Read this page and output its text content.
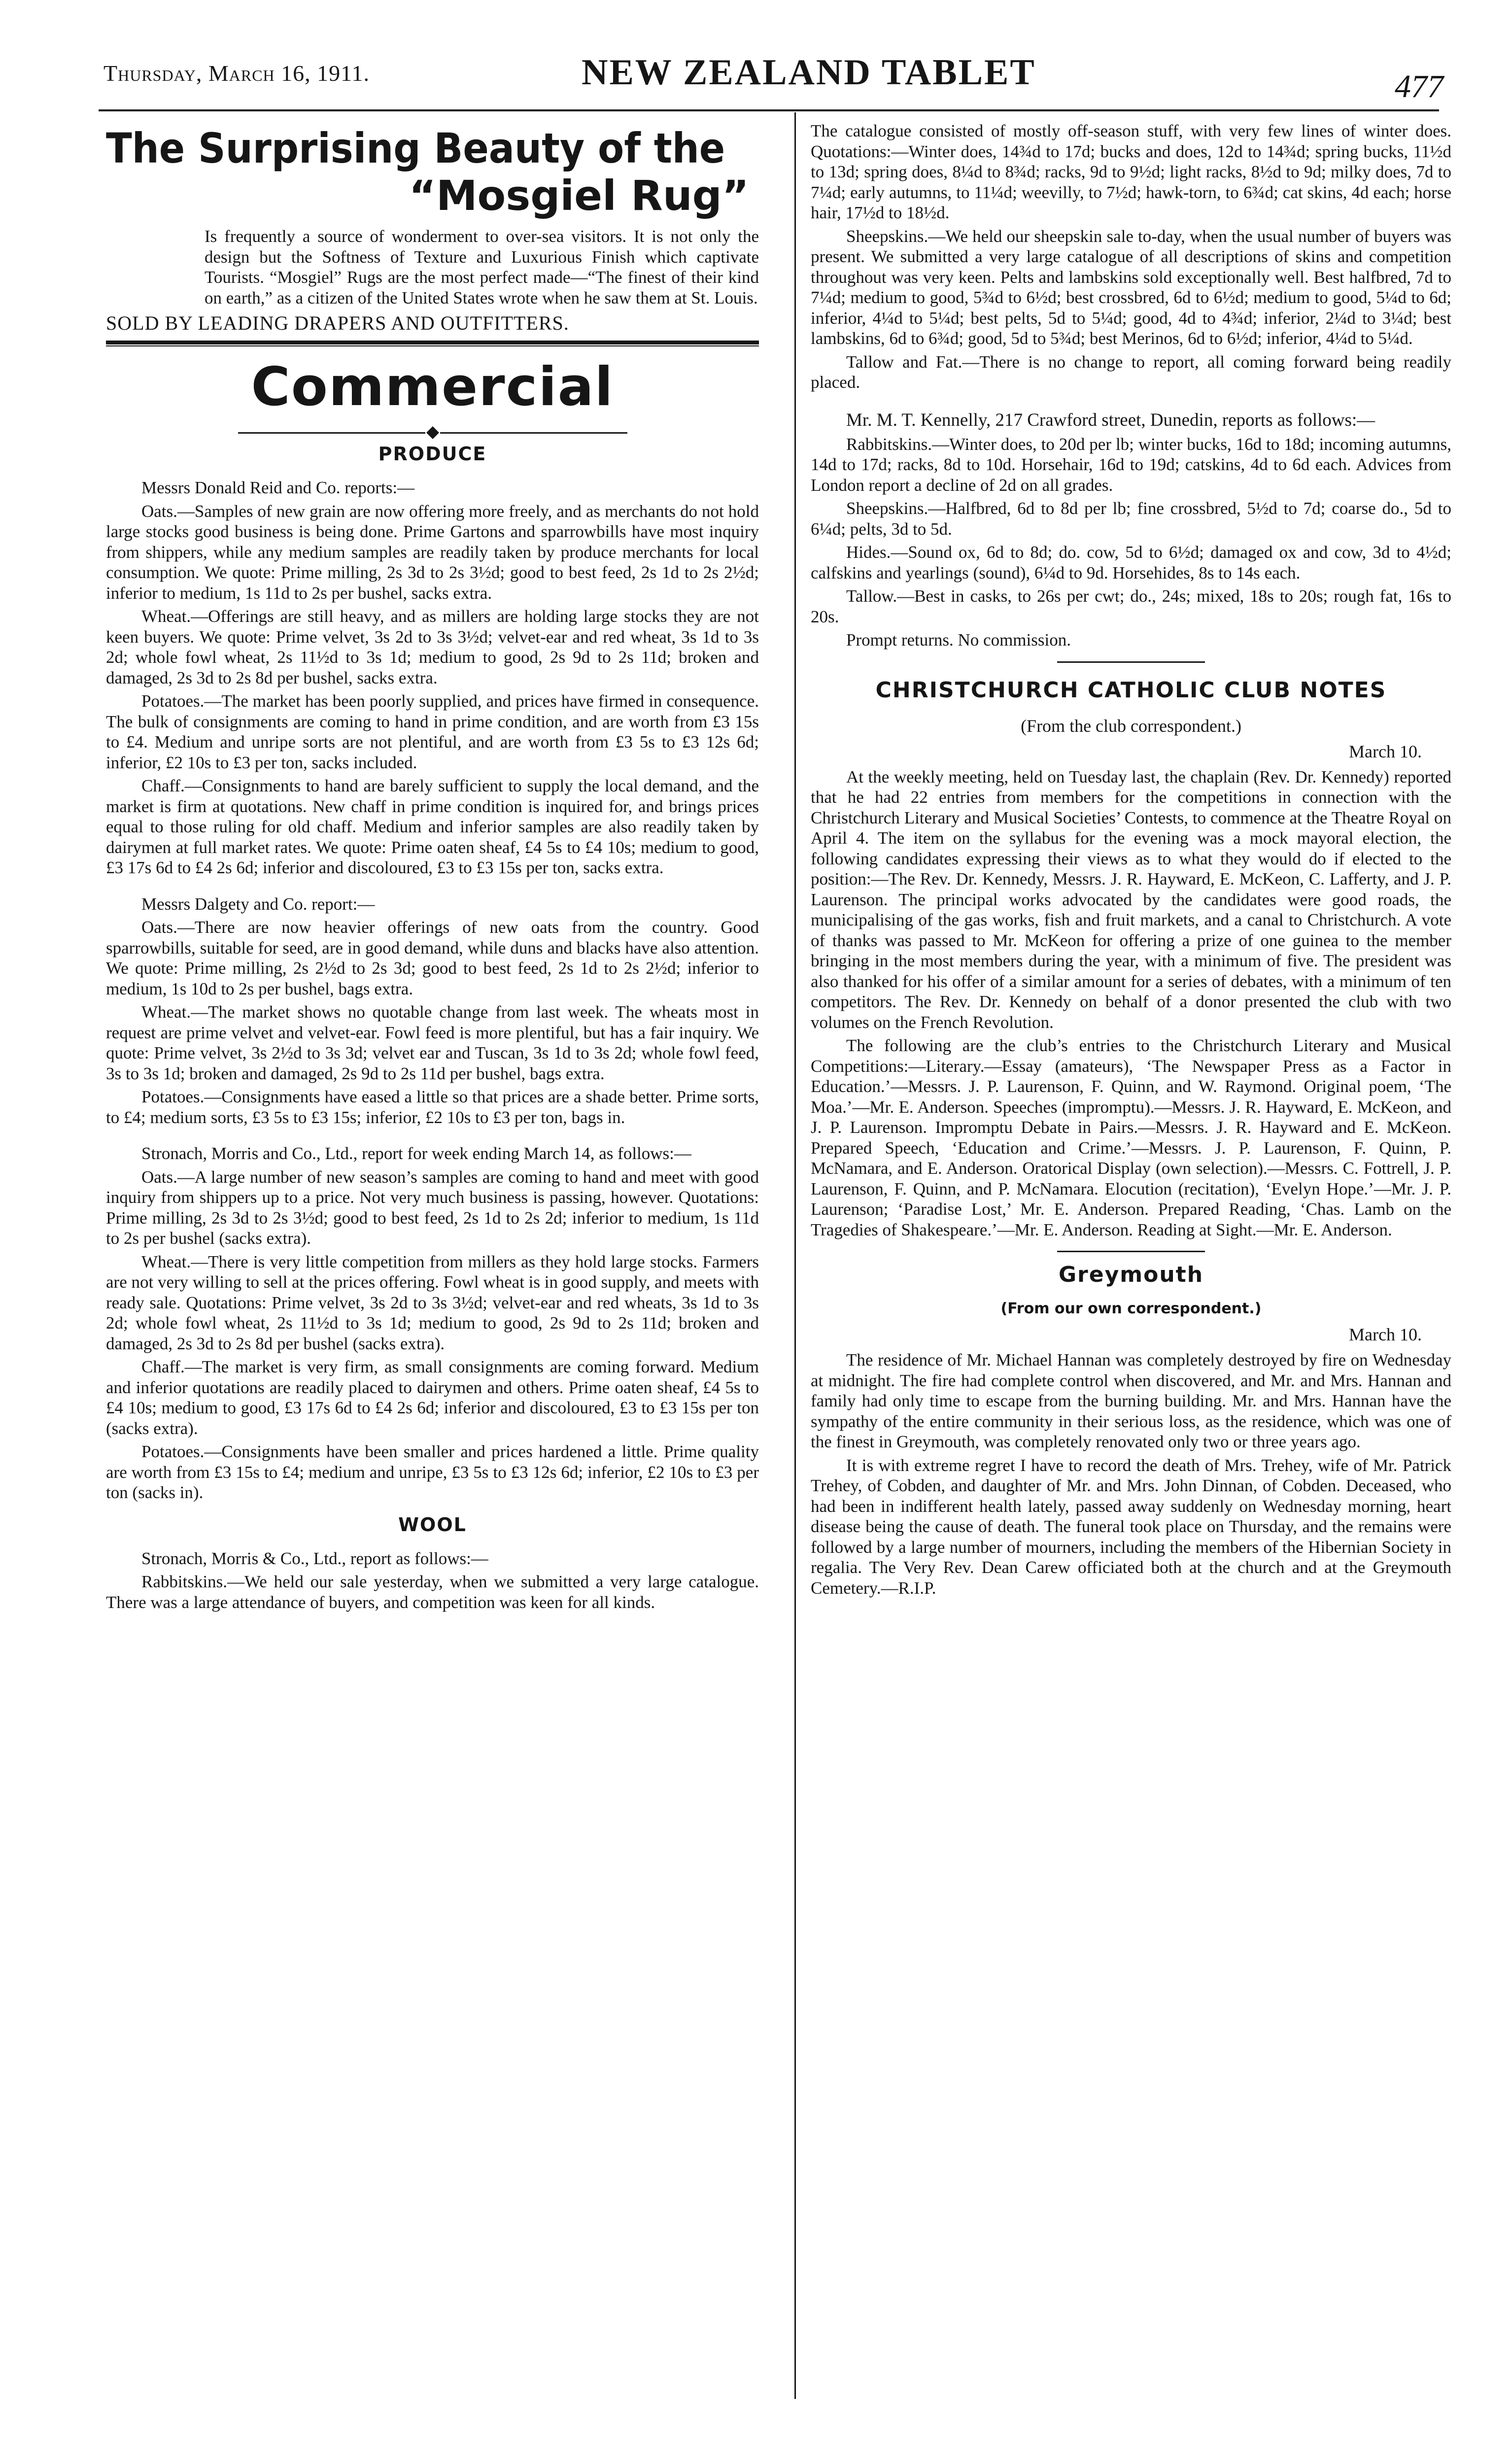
Thursday, March 16, 1911.	NEW ZEALAND TABLET	477
The Surprising Beauty of the
“Mosgiel Rug”

Is frequently a source of wonderment to over-sea visitors. It is not only the design but the Softness of Texture and Luxurious Finish which captivate Tourists. “Mosgiel” Rugs are the most perfect made—“The finest of their kind on earth,” as a citizen of the United States wrote when he saw them at St. Louis.

SOLD BY LEADING DRAPERS AND OUTFITTERS.
Commercial
PRODUCE

Messrs Donald Reid and Co. reports:—

Oats.—Samples of new grain are now offering more freely, and as merchants do not hold large stocks good business is being done. Prime Gartons and sparrowbills have most inquiry from shippers, while any medium samples are readily taken by produce merchants for local consumption. We quote: Prime milling, 2s 3d to 2s 3½d; good to best feed, 2s 1d to 2s 2½d; inferior to medium, 1s 11d to 2s per bushel, sacks extra.

Wheat.—Offerings are still heavy, and as millers are holding large stocks they are not keen buyers. We quote: Prime velvet, 3s 2d to 3s 3½d; velvet-ear and red wheat, 3s 1d to 3s 2d; whole fowl wheat, 2s 11½d to 3s 1d; medium to good, 2s 9d to 2s 11d; broken and damaged, 2s 3d to 2s 8d per bushel, sacks extra.

Potatoes.—The market has been poorly supplied, and prices have firmed in consequence. The bulk of consignments are coming to hand in prime condition, and are worth from £3 15s to £4. Medium and unripe sorts are not plentiful, and are worth from £3 5s to £3 12s 6d; inferior, £2 10s to £3 per ton, sacks included.

Chaff.—Consignments to hand are barely sufficient to supply the local demand, and the market is firm at quotations. New chaff in prime condition is inquired for, and brings prices equal to those ruling for old chaff. Medium and inferior samples are also readily taken by dairymen at full market rates. We quote: Prime oaten sheaf, £4 5s to £4 10s; medium to good, £3 17s 6d to £4 2s 6d; inferior and discoloured, £3 to £3 15s per ton, sacks extra.

Messrs Dalgety and Co. report:—

Oats.—There are now heavier offerings of new oats from the country. Good sparrowbills, suitable for seed, are in good demand, while duns and blacks have also attention. We quote: Prime milling, 2s 2½d to 2s 3d; good to best feed, 2s 1d to 2s 2½d; inferior to medium, 1s 10d to 2s per bushel, bags extra.

Wheat.—The market shows no quotable change from last week. The wheats most in request are prime velvet and velvet-ear. Fowl feed is more plentiful, but has a fair inquiry. We quote: Prime velvet, 3s 2½d to 3s 3d; velvet ear and Tuscan, 3s 1d to 3s 2d; whole fowl feed, 3s to 3s 1d; broken and damaged, 2s 9d to 2s 11d per bushel, bags extra.

Potatoes.—Consignments have eased a little so that prices are a shade better. Prime sorts, to £4; medium sorts, £3 5s to £3 15s; inferior, £2 10s to £3 per ton, bags in.

Stronach, Morris and Co., Ltd., report for week ending March 14, as follows:—

Oats.—A large number of new season’s samples are coming to hand and meet with good inquiry from shippers up to a price. Not very much business is passing, however. Quotations: Prime milling, 2s 3d to 2s 3½d; good to best feed, 2s 1d to 2s 2d; inferior to medium, 1s 11d to 2s per bushel (sacks extra).

Wheat.—There is very little competition from millers as they hold large stocks. Farmers are not very willing to sell at the prices offering. Fowl wheat is in good supply, and meets with ready sale. Quotations: Prime velvet, 3s 2d to 3s 3½d; velvet-ear and red wheats, 3s 1d to 3s 2d; whole fowl wheat, 2s 11½d to 3s 1d; medium to good, 2s 9d to 2s 11d; broken and damaged, 2s 3d to 2s 8d per bushel (sacks extra).

Chaff.—The market is very firm, as small consignments are coming forward. Medium and inferior quotations are readily placed to dairymen and others. Prime oaten sheaf, £4 5s to £4 10s; medium to good, £3 17s 6d to £4 2s 6d; inferior and discoloured, £3 to £3 15s per ton (sacks extra).

Potatoes.—Consignments have been smaller and prices hardened a little. Prime quality are worth from £3 15s to £4; medium and unripe, £3 5s to £3 12s 6d; inferior, £2 10s to £3 per ton (sacks in).

WOOL

Stronach, Morris & Co., Ltd., report as follows:—

Rabbitskins.—We held our sale yesterday, when we submitted a very large catalogue. There was a large attendance of buyers, and competition was keen for all kinds.

The catalogue consisted of mostly off-season stuff, with very few lines of winter does. Quotations:—Winter does, 14¾d to 17d; bucks and does, 12d to 14¾d; spring bucks, 11½d to 13d; spring does, 8¼d to 8¾d; racks, 9d to 9½d; light racks, 8½d to 9d; milky does, 7d to 7¼d; early autumns, to 11¼d; weevilly, to 7½d; hawk-torn, to 6¾d; cat skins, 4d each; horse hair, 17½d to 18½d.

Sheepskins.—We held our sheepskin sale to-day, when the usual number of buyers was present. We submitted a very large catalogue of all descriptions of skins and competition throughout was very keen. Pelts and lambskins sold exceptionally well. Best halfbred, 7d to 7¼d; medium to good, 5¾d to 6½d; best crossbred, 6d to 6½d; medium to good, 5¼d to 6d; inferior, 4¼d to 5¼d; best pelts, 5d to 5¼d; good, 4d to 4¾d; inferior, 2¼d to 3¼d; best lambskins, 6d to 6¾d; good, 5d to 5¾d; best Merinos, 6d to 6½d; inferior, 4¼d to 5¼d.

Tallow and Fat.—There is no change to report, all coming forward being readily placed.

Mr. M. T. Kennelly, 217 Crawford street, Dunedin, reports as follows:—

Rabbitskins.—Winter does, to 20d per lb; winter bucks, 16d to 18d; incoming autumns, 14d to 17d; racks, 8d to 10d. Horsehair, 16d to 19d; catskins, 4d to 6d each. Advices from London report a decline of 2d on all grades.

Sheepskins.—Halfbred, 6d to 8d per lb; fine crossbred, 5½d to 7d; coarse do., 5d to 6¼d; pelts, 3d to 5d.

Hides.—Sound ox, 6d to 8d; do. cow, 5d to 6½d; damaged ox and cow, 3d to 4½d; calfskins and yearlings (sound), 6¼d to 9d. Horsehides, 8s to 14s each.

Tallow.—Best in casks, to 26s per cwt; do., 24s; mixed, 18s to 20s; rough fat, 16s to 20s.

Prompt returns. No commission.

CHRISTCHURCH CATHOLIC CLUB NOTES
(From the club correspondent.)
March 10.

At the weekly meeting, held on Tuesday last, the chaplain (Rev. Dr. Kennedy) reported that he had 22 entries from members for the competitions in connection with the Christchurch Literary and Musical Societies’ Contests, to commence at the Theatre Royal on April 4. The item on the syllabus for the evening was a mock mayoral election, the following candidates expressing their views as to what they would do if elected to the position:—The Rev. Dr. Kennedy, Messrs. J. R. Hayward, E. McKeon, C. Lafferty, and J. P. Laurenson. The principal works advocated by the candidates were good roads, the municipalising of the gas works, fish and fruit markets, and a canal to Christchurch. A vote of thanks was passed to Mr. McKeon for offering a prize of one guinea to the member bringing in the most members during the year, with a minimum of five. The president was also thanked for his offer of a similar amount for a series of debates, with a minimum of ten competitors. The Rev. Dr. Kennedy on behalf of a donor presented the club with two volumes on the French Revolution.

The following are the club’s entries to the Christchurch Literary and Musical Competitions:—Literary.—Essay (amateurs), ‘The Newspaper Press as a Factor in Education.’—Messrs. J. P. Laurenson, F. Quinn, and W. Raymond. Original poem, ‘The Moa.’—Mr. E. Anderson. Speeches (impromptu).—Messrs. J. R. Hayward, E. McKeon, and J. P. Laurenson. Impromptu Debate in Pairs.—Messrs. J. R. Hayward and E. McKeon. Prepared Speech, ‘Education and Crime.’—Messrs. J. P. Laurenson, F. Quinn, P. McNamara, and E. Anderson. Oratorical Display (own selection).—Messrs. C. Fottrell, J. P. Laurenson, F. Quinn, and P. McNamara. Elocution (recitation), ‘Evelyn Hope.’—Mr. J. P. Laurenson; ‘Paradise Lost,’ Mr. E. Anderson. Prepared Reading, ‘Chas. Lamb on the Tragedies of Shakespeare.’—Mr. E. Anderson. Reading at Sight.—Mr. E. Anderson.

Greymouth
(From our own correspondent.)
March 10.

The residence of Mr. Michael Hannan was completely destroyed by fire on Wednesday at midnight. The fire had complete control when discovered, and Mr. and Mrs. Hannan and family had only time to escape from the burning building. Mr. and Mrs. Hannan have the sympathy of the entire community in their serious loss, as the residence, which was one of the finest in Greymouth, was completely renovated only two or three years ago.

It is with extreme regret I have to record the death of Mrs. Trehey, wife of Mr. Patrick Trehey, of Cobden, and daughter of Mr. and Mrs. John Dinnan, of Cobden. Deceased, who had been in indifferent health lately, passed away suddenly on Wednesday morning, heart disease being the cause of death. The funeral took place on Thursday, and the remains were followed by a large number of mourners, including the members of the Hibernian Society in regalia. The Very Rev. Dean Carew officiated both at the church and at the Greymouth Cemetery.—R.I.P.
